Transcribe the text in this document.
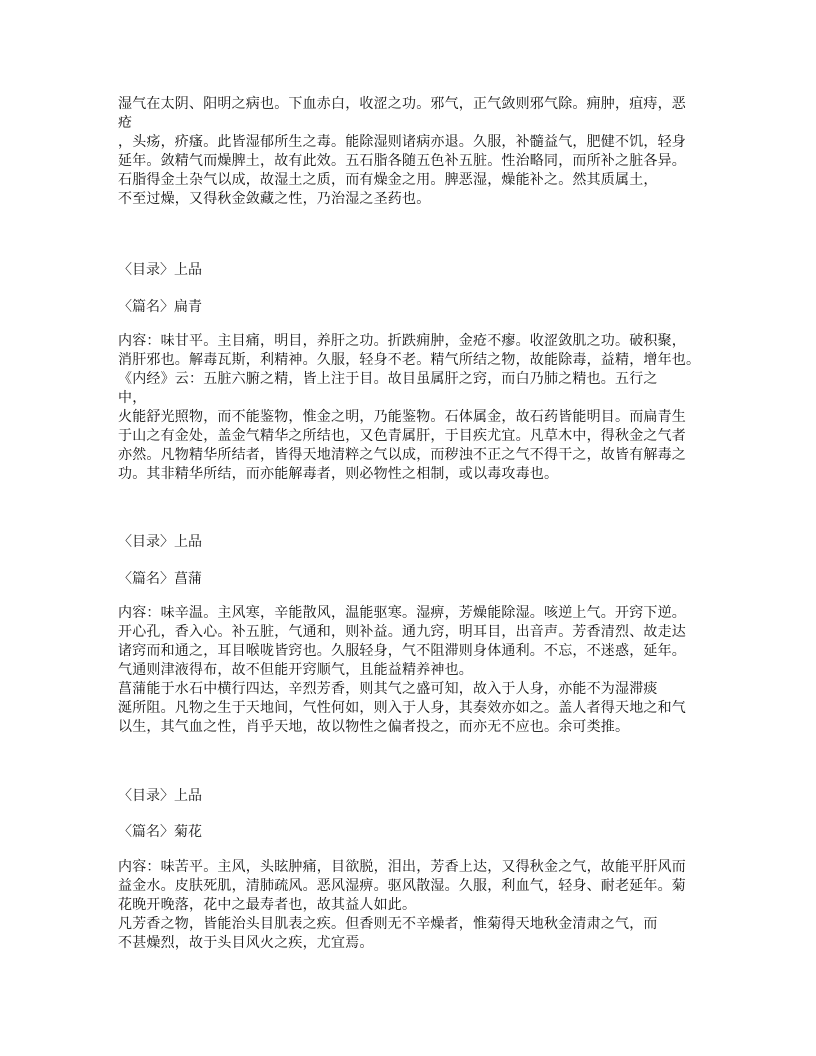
湿气在太阴、阳明之病也。下血赤白，收涩之功。邪气，正气敛则邪气除。痈肿，疽痔，恶
疮
，头疡，疥瘙。此皆湿郁所生之毒。能除湿则诸病亦退。久服，补髓益气，肥健不饥，轻身
延年。敛精气而燥脾土，故有此效。五石脂各随五色补五脏。性治略同，而所补之脏各异。
石脂得金土杂气以成，故湿土之质，而有燥金之用。脾恶湿，燥能补之。然其质属土，
不至过燥，又得秋金敛藏之性，乃治湿之圣药也。
〈目录〉上品
〈篇名〉扁青
内容：味甘平。主目痛，明目，养肝之功。折跌痈肿，金疮不瘳。收涩敛肌之功。破积聚，
消肝邪也。解毒瓦斯，利精神。久服，轻身不老。精气所结之物，故能除毒，益精，增年也。
《内经》云：五脏六腑之精，皆上注于目。故目虽属肝之窍，而白乃肺之精也。五行之
中，
火能舒光照物，而不能鉴物，惟金之明，乃能鉴物。石体属金，故石药皆能明目。而扁青生
于山之有金处，盖金气精华之所结也，又色青属肝，于目疾尤宜。凡草木中，得秋金之气者
亦然。凡物精华所结者，皆得天地清粹之气以成，而秽浊不正之气不得干之，故皆有解毒之
功。其非精华所结，而亦能解毒者，则必物性之相制，或以毒攻毒也。
〈目录〉上品
〈篇名〉菖蒲
内容：味辛温。主风寒，辛能散风，温能驱寒。湿痹，芳燥能除湿。咳逆上气。开窍下逆。
开心孔，香入心。补五脏，气通和，则补益。通九窍，明耳目，出音声。芳香清烈、故走达
诸窍而和通之，耳目喉咙皆窍也。久服轻身，气不阻滞则身体通利。不忘，不迷惑，延年。
气通则津液得布，故不但能开窍顺气，且能益精养神也。
菖蒲能于水石中横行四达，辛烈芳香，则其气之盛可知，故入于人身，亦能不为湿滞痰
涎所阻。凡物之生于天地间，气性何如，则入于人身，其奏效亦如之。盖人者得天地之和气
以生，其气血之性，肖乎天地，故以物性之偏者投之，而亦无不应也。余可类推。
〈目录〉上品
〈篇名〉菊花
内容：味苦平。主风，头眩肿痛，目欲脱，泪出，芳香上达，又得秋金之气，故能平肝风而
益金水。皮肤死肌，清肺疏风。恶风湿痹。驱风散湿。久服，利血气，轻身、耐老延年。菊
花晚开晚落，花中之最寿者也，故其益人如此。
凡芳香之物，皆能治头目肌表之疾。但香则无不辛燥者，惟菊得天地秋金清肃之气，而
不甚燥烈，故于头目风火之疾，尤宜焉。
